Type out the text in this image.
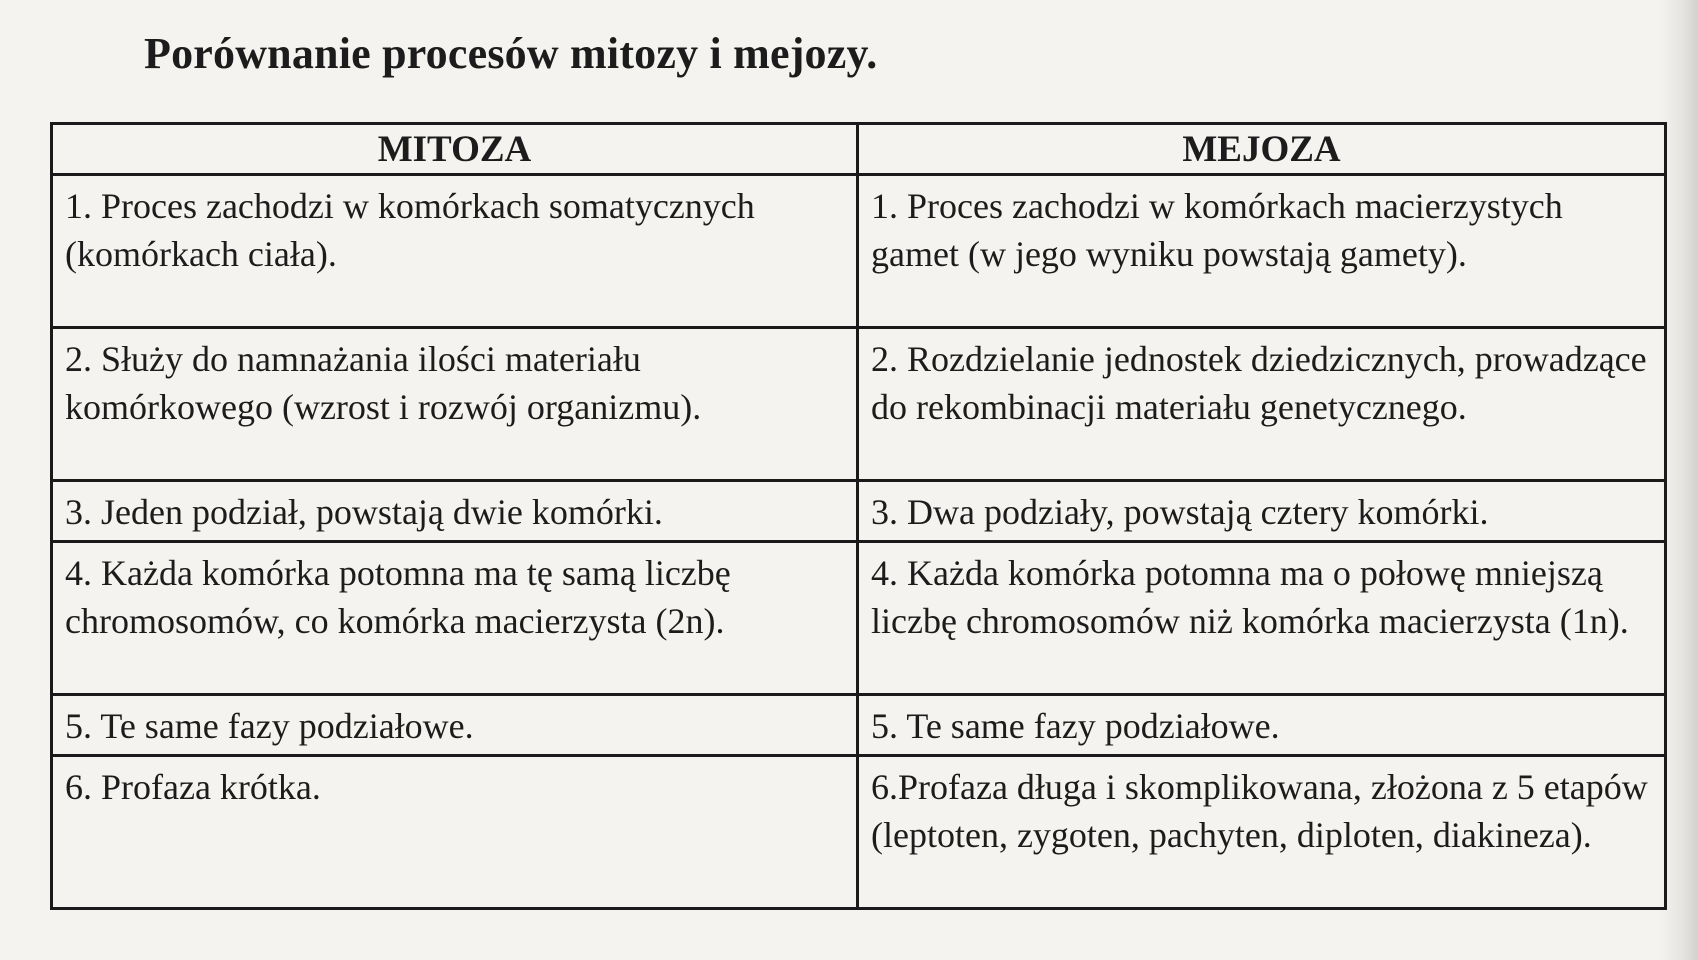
Porównanie procesów mitozy i mejozy.
MITOZA	MEJOZA
1. Proces zachodzi w komórkach somatycznych (komórkach ciała).	1. Proces zachodzi w komórkach macierzystych gamet (w jego wyniku powstają gamety).
2. Służy do namnażania ilości materiału komórkowego (wzrost i rozwój organizmu).	2. Rozdzielanie jednostek dziedzicznych, prowadzące do rekombinacji materiału genetycznego.
3. Jeden podział, powstają dwie komórki.	3. Dwa podziały, powstają cztery komórki.
4. Każda komórka potomna ma tę samą liczbę chromosomów, co komórka macierzysta (2n).	4. Każda komórka potomna ma o połowę mniejszą liczbę chromosomów niż komórka macierzysta (1n).
5. Te same fazy podziałowe.	5. Te same fazy podziałowe.
6. Profaza krótka.	6.Profaza długa i skomplikowana, złożona z 5 etapów (leptoten, zygoten, pachyten, diploten, diakineza).
